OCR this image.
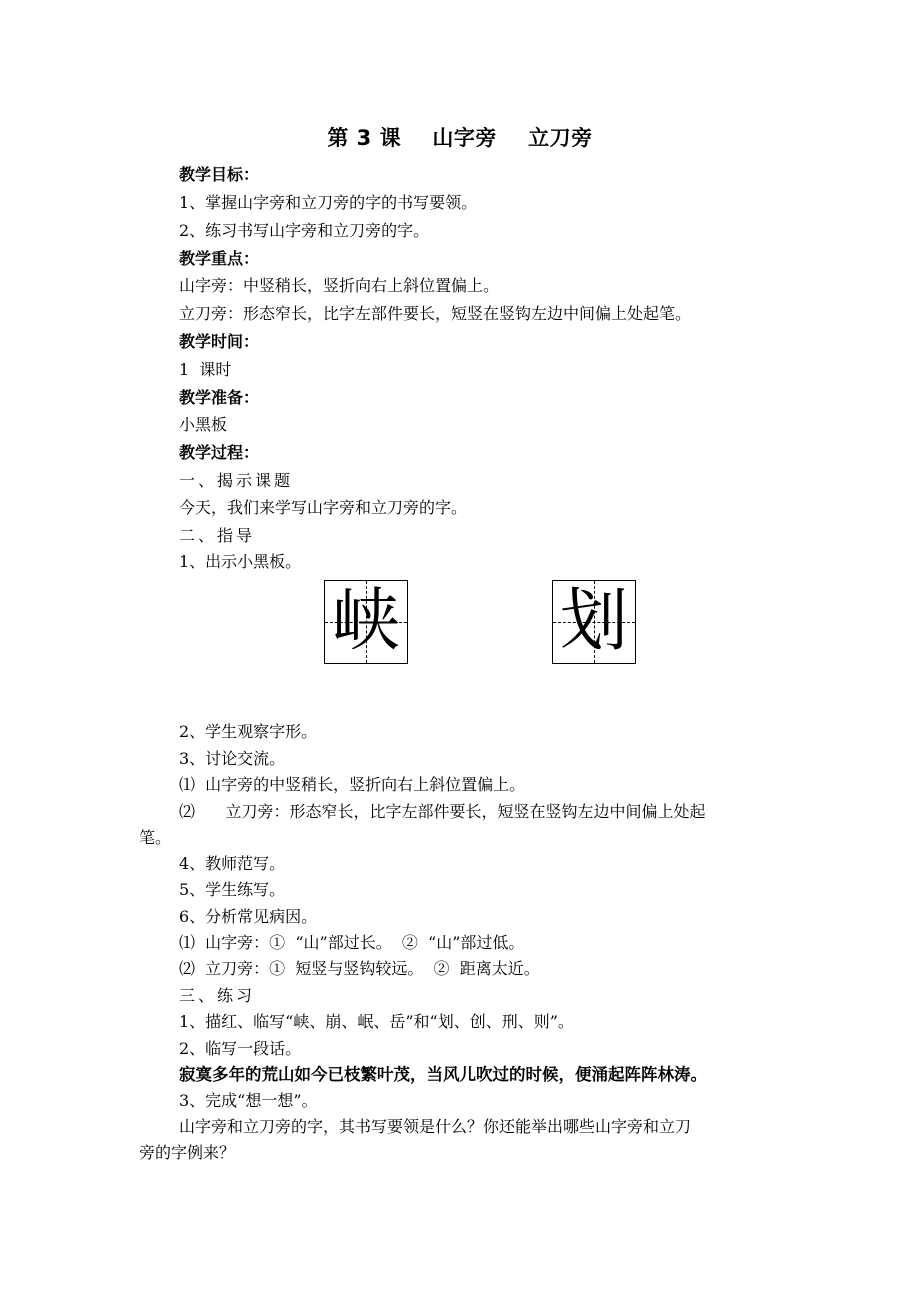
第 3 课    山字旁    立刀旁
教学目标：
1、掌握山字旁和立刀旁的字的书写要领。
2、练习书写山字旁和立刀旁的字。
教学重点：
山字旁：中竖稍长，竖折向右上斜位置偏上。
立刀旁：形态窄长，比字左部件要长，短竖在竖钩左边中间偏上处起笔。
教学时间：
1  课时
教学准备：
小黑板
教学过程：
一、揭示课题
今天，我们来学写山字旁和立刀旁的字。
二、指导
1、出示小黑板。
峡 划
2、学生观察字形。
3、讨论交流。
⑴  山字旁的中竖稍长，竖折向右上斜位置偏上。
⑵      立刀旁：形态窄长，比字左部件要长，短竖在竖钩左边中间偏上处起
笔。
4、教师范写。
5、学生练写。
6、分析常见病因。
⑴  山字旁：①  “山”部过长。  ②  “山”部过低。
⑵  立刀旁：①  短竖与竖钩较远。  ②  距离太近。
三、练习
1、描红、临写“峡、崩、岷、岳”和“划、创、刑、则”。
2、临写一段话。
寂寞多年的荒山如今已枝繁叶茂，当风儿吹过的时候，便涌起阵阵林涛。
3、完成“想一想”。
山字旁和立刀旁的字，其书写要领是什么？你还能举出哪些山字旁和立刀
旁的字例来？
